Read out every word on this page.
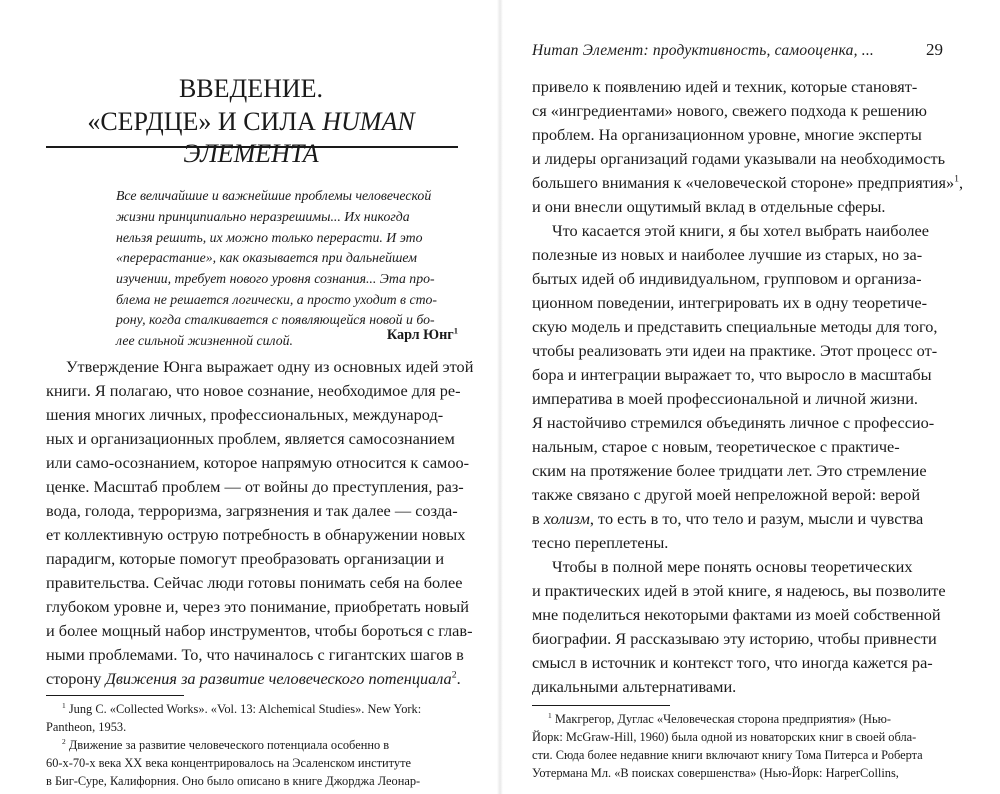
ВВЕДЕНИЕ.
«СЕРДЦЕ» И СИЛА HUMAN ЭЛЕМЕНТА
Все величайшие и важнейшие проблемы человеческой
жизни принципиально неразрешимы... Их никогда
нельзя решить, их можно только перерасти. И это
«перерастание», как оказывается при дальнейшем
изучении, требует нового уровня сознания... Эта про-
блема не решается логически, а просто уходит в сто-
рону, когда сталкивается с появляющейся новой и бо-
лее сильной жизненной силой.	Карл Юнг$^1$
Утверждение Юнга выражает одну из основных идей этой
книги. Я полагаю, что новое сознание, необходимое для ре-
шения многих личных, профессиональных, международ-
ных и организационных проблем, является самосознанием
или само-осознанием, которое напрямую относится к самоо-
ценке. Масштаб проблем — от войны до преступления, раз-
вода, голода, терроризма, загрязнения и так далее — созда-
ет коллективную острую потребность в обнаружении новых
парадигм, которые помогут преобразовать организации и
правительства. Сейчас люди готовы понимать себя на более
глубоком уровне и, через это понимание, приобретать новый
и более мощный набор инструментов, чтобы бороться с глав-
ными проблемами. То, что начиналось с гигантских шагов в
сторону Движения за развитие человеческого потенциала$^2$.
$^1$ Jung C. «Collected Works». «Vol. 13: Alchemical Studies». New York:
Pantheon, 1953.
$^2$ Движение за развитие человеческого потенциала особенно в
60-х-70-х века XX века концентрировалось на Эсаленском институте
в Биг-Суре, Калифорния. Оно было описано в книге Джорджа Леонар-
Human Элемент: продуктивность, самооценка, ...	29
привело к появлению идей и техник, которые становят-
ся «ингредиентами» нового, свежего подхода к решению
проблем. На организационном уровне, многие эксперты
и лидеры организаций годами указывали на необходимость
большего внимания к «человеческой стороне» предприятия»$^1$,
и они внесли ощутимый вклад в отдельные сферы.
Что касается этой книги, я бы хотел выбрать наиболее
полезные из новых и наиболее лучшие из старых, но за-
бытых идей об индивидуальном, групповом и организа-
ционном поведении, интегрировать их в одну теоретиче-
скую модель и представить специальные методы для того,
чтобы реализовать эти идеи на практике. Этот процесс от-
бора и интеграции выражает то, что выросло в масштабы
императива в моей профессиональной и личной жизни.
Я настойчиво стремился объединять личное с профессио-
нальным, старое с новым, теоретическое с практиче-
ским на протяжение более тридцати лет. Это стремление
также связано с другой моей непреложной верой: верой
в холизм, то есть в то, что тело и разум, мысли и чувства
тесно переплетены.
Чтобы в полной мере понять основы теоретических
и практических идей в этой книге, я надеюсь, вы позволите
мне поделиться некоторыми фактами из моей собственной
биографии. Я рассказываю эту историю, чтобы привнести
смысл в источник и контекст того, что иногда кажется ра-
дикальными альтернативами.
$^1$ Макгрегор, Дуглас «Человеческая сторона предприятия» (Нью-
Йорк: McGraw-Hill, 1960) была одной из новаторских книг в своей обла-
сти. Сюда более недавние книги включают книгу Тома Питерса и Роберта
Уотермана Мл. «В поисках совершенства» (Нью-Йорк: HarperCollins,
